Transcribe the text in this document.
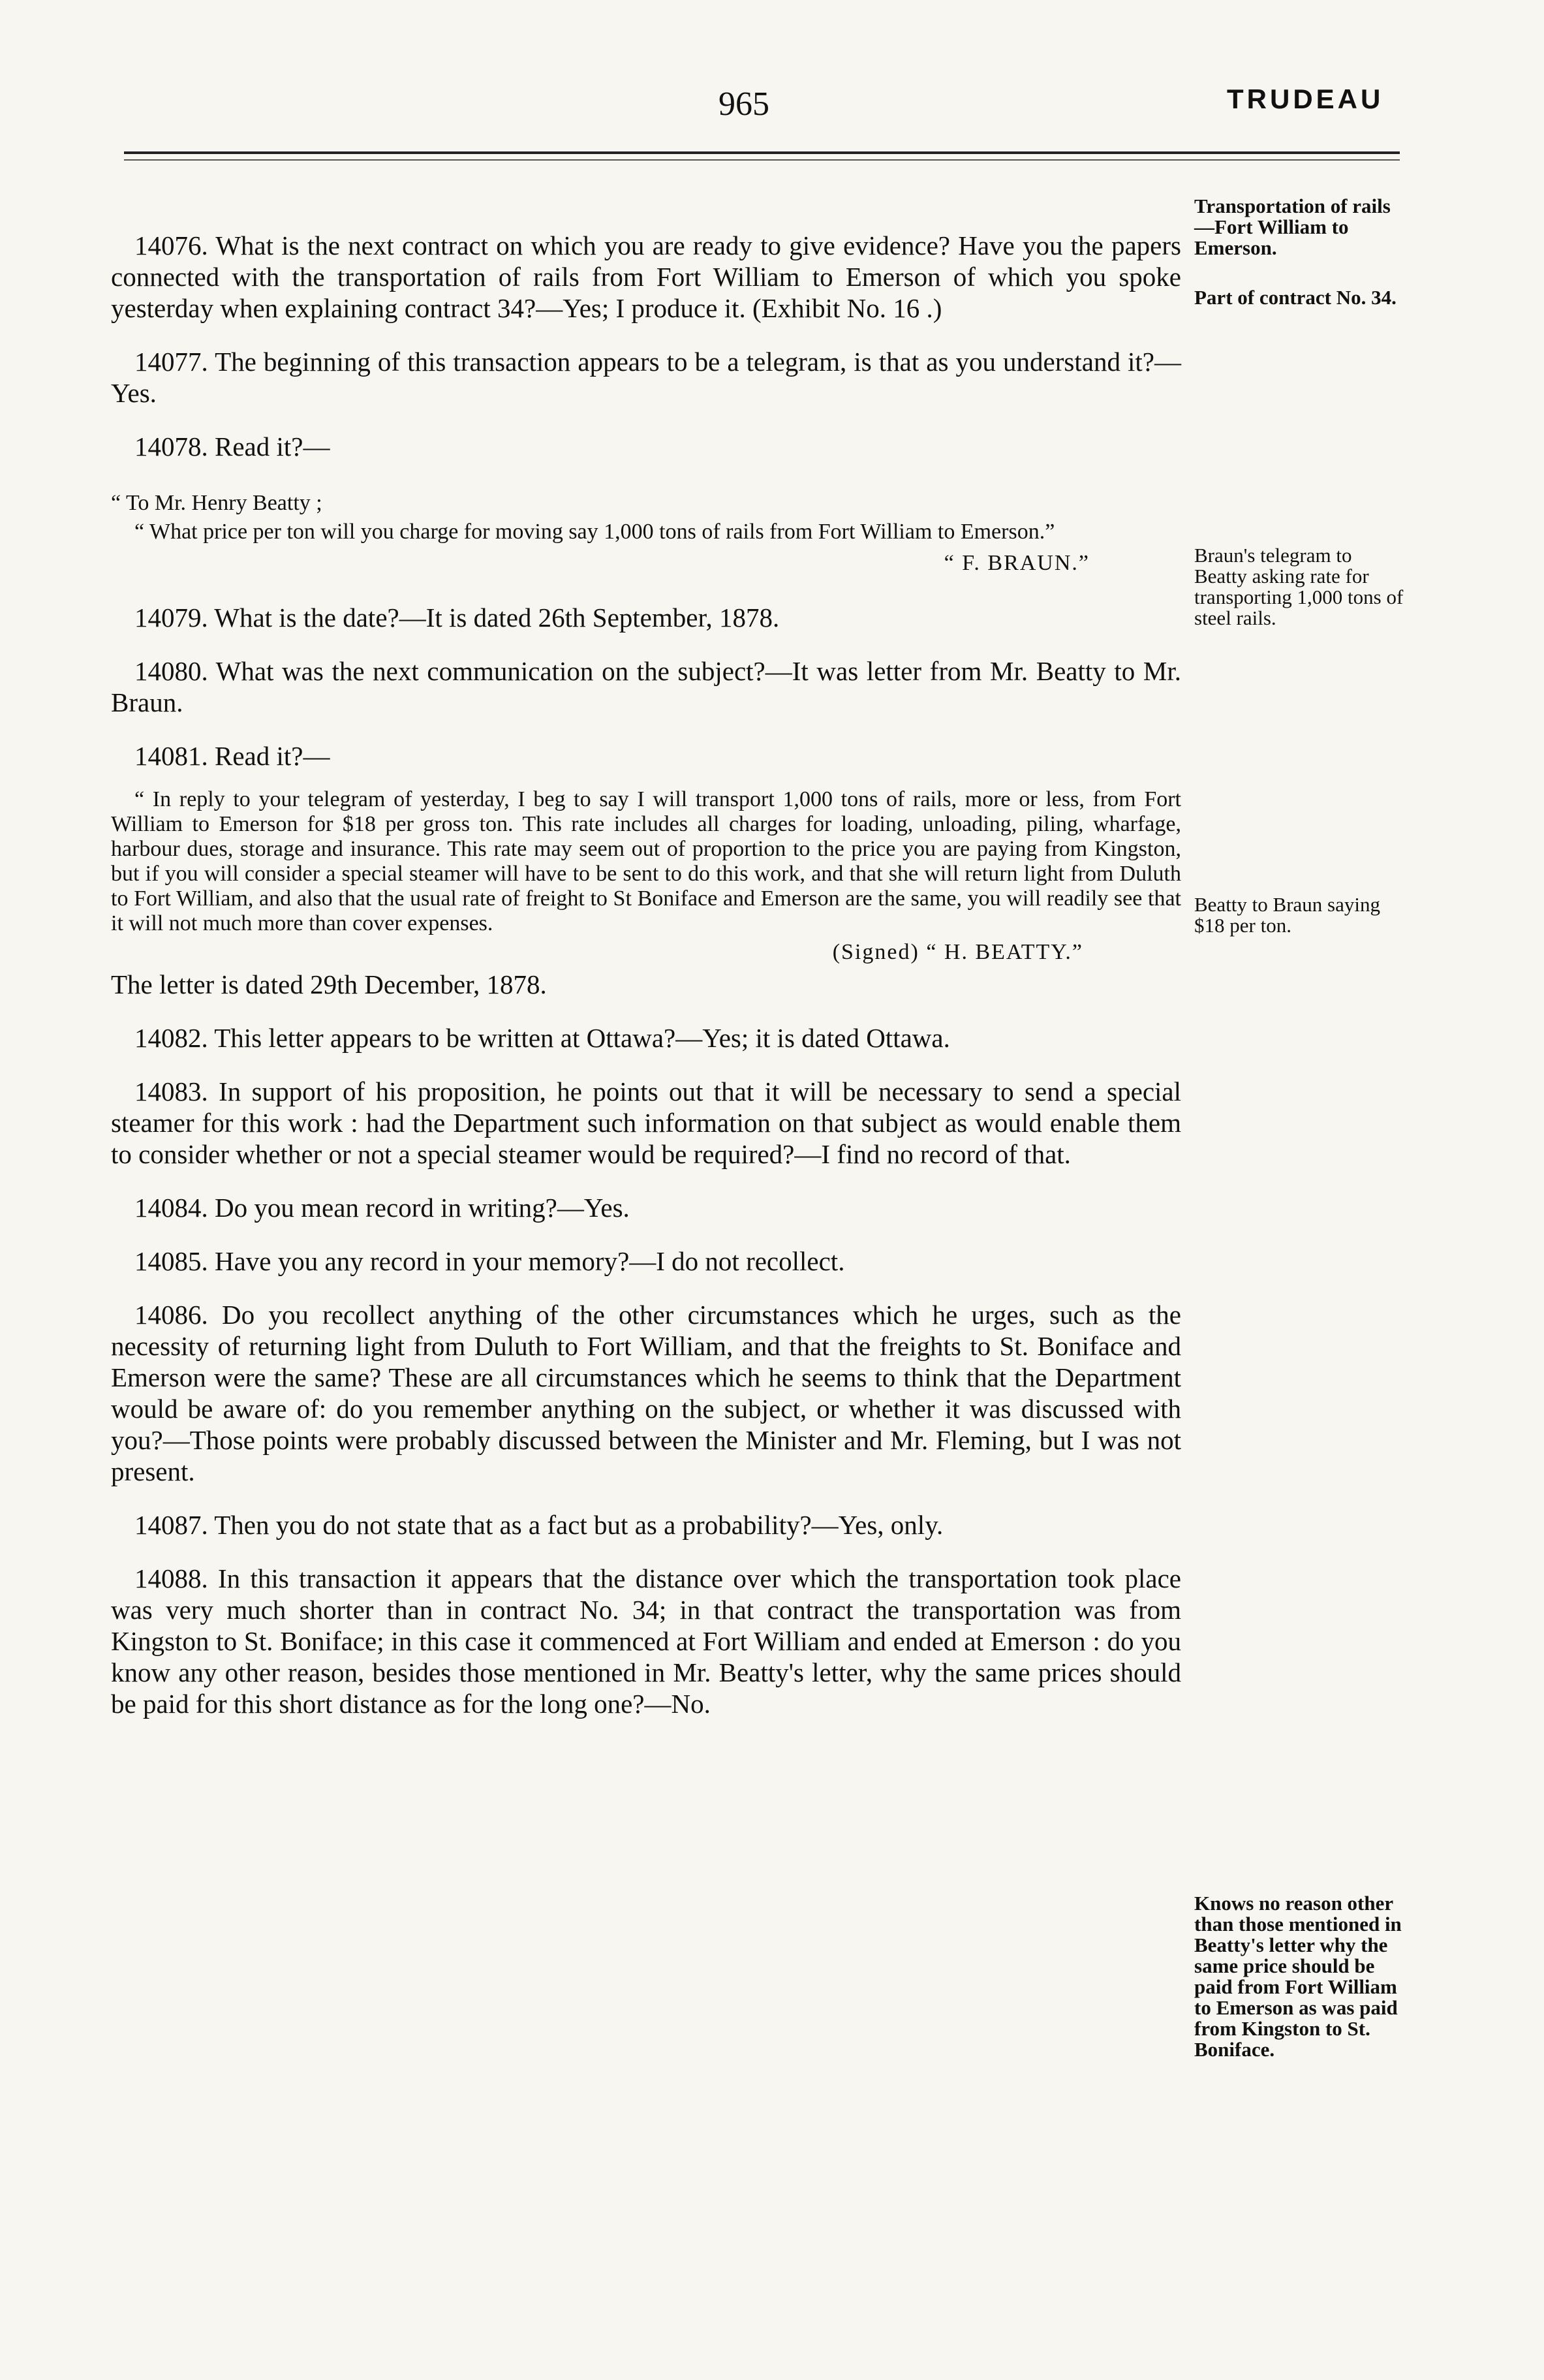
965	TRUDEAU
Transportation of rails—Fort William to Emerson.
Part of contract No. 34.
Braun's telegram to Beatty asking rate for transporting 1,000 tons of steel rails.
Beatty to Braun saying $18 per ton.
Knows no reason other than those mentioned in Beatty's letter why the same price should be paid from Fort William to Emerson as was paid from Kingston to St. Boniface.

14076. What is the next contract on which you are ready to give evidence? Have you the papers connected with the transportation of rails from Fort William to Emerson of which you spoke yesterday when explaining contract 34?—Yes; I produce it. (Exhibit No. 16 .)

14077. The beginning of this transaction appears to be a telegram, is that as you understand it?—Yes.

14078. Read it?—

“ To Mr. Henry Beatty ;

“ What price per ton will you charge for moving say 1,000 tons of rails from Fort William to Emerson.”

“ F. BRAUN.”

14079. What is the date?—It is dated 26th September, 1878.

14080. What was the next communication on the subject?—It was letter from Mr. Beatty to Mr. Braun.

14081. Read it?—

“ In reply to your telegram of yesterday, I beg to say I will transport 1,000 tons of rails, more or less, from Fort William to Emerson for $18 per gross ton. This rate includes all charges for loading, unloading, piling, wharfage, harbour dues, storage and insurance. This rate may seem out of proportion to the price you are paying from Kingston, but if you will consider a special steamer will have to be sent to do this work, and that she will return light from Duluth to Fort William, and also that the usual rate of freight to St Boniface and Emerson are the same, you will readily see that it will not much more than cover expenses.

(Signed) “ H. BEATTY.”

The letter is dated 29th December, 1878.

14082. This letter appears to be written at Ottawa?—Yes; it is dated Ottawa.

14083. In support of his proposition, he points out that it will be necessary to send a special steamer for this work : had the Department such information on that subject as would enable them to consider whether or not a special steamer would be required?—I find no record of that.

14084. Do you mean record in writing?—Yes.

14085. Have you any record in your memory?—I do not recollect.

14086. Do you recollect anything of the other circumstances which he urges, such as the necessity of returning light from Duluth to Fort William, and that the freights to St. Boniface and Emerson were the same? These are all circumstances which he seems to think that the Department would be aware of: do you remember anything on the subject, or whether it was discussed with you?—Those points were probably discussed between the Minister and Mr. Fleming, but I was not present.

14087. Then you do not state that as a fact but as a probability?—Yes, only.

14088. In this transaction it appears that the distance over which the transportation took place was very much shorter than in contract No. 34; in that contract the transportation was from Kingston to St. Boniface; in this case it commenced at Fort William and ended at Emerson : do you know any other reason, besides those mentioned in Mr. Beatty's letter, why the same prices should be paid for this short distance as for the long one?—No.
